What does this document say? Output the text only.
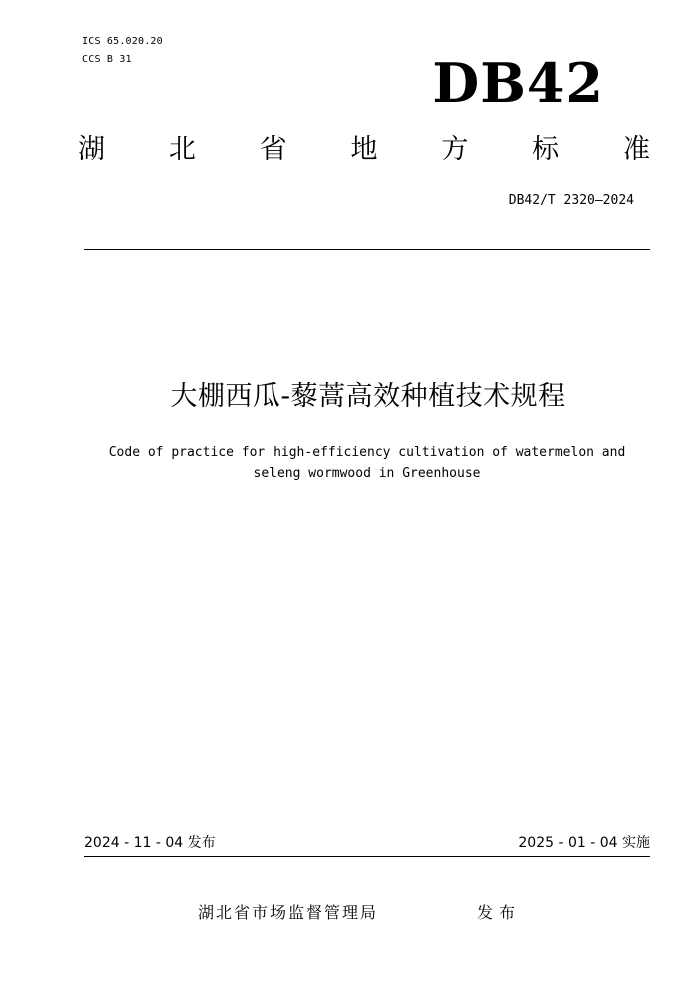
ICS 65.020.20
CCS B 31	DB42
湖 北 省 地 方 标 准
DB42/T 2320—2024
大棚西瓜-藜蒿高效种植技术规程
Code of practice for high-efficiency cultivation of watermelon and
seleng wormwood in Greenhouse
2024 - 11 - 04 发布	2025 - 01 - 04 实施
湖北省市场监督管理局	发布
